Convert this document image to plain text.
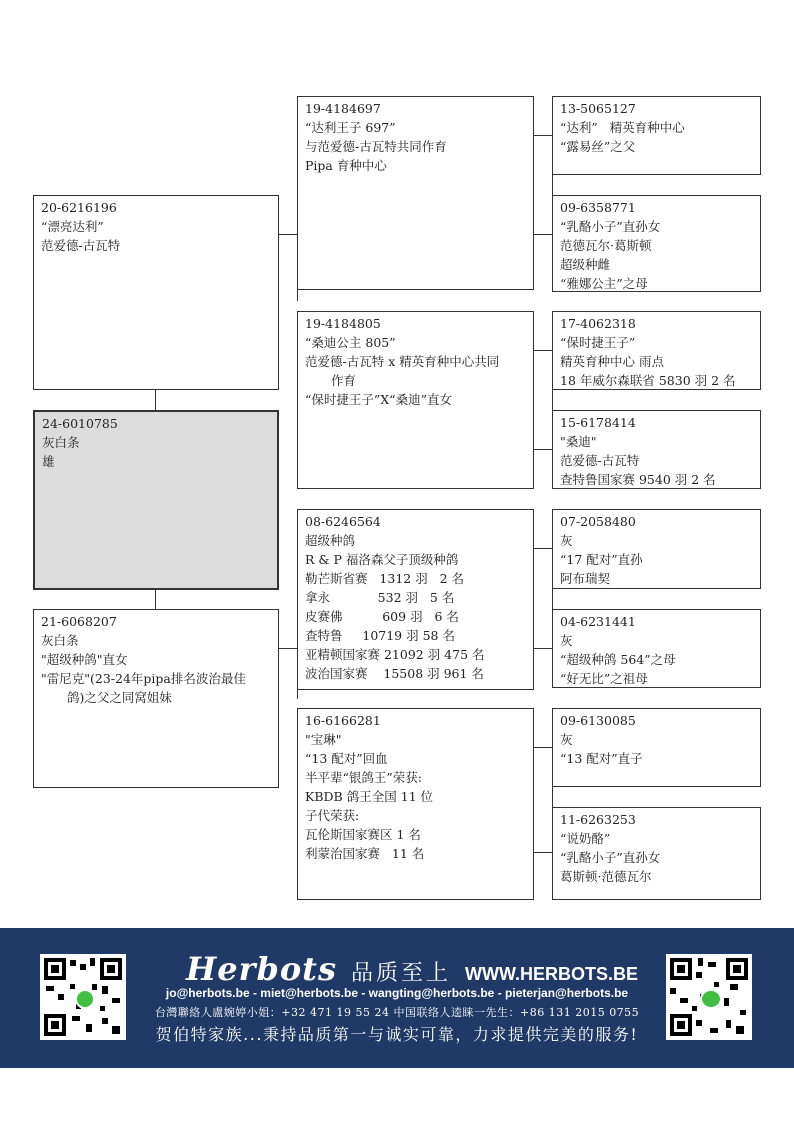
20-6216196
“漂亮达利”
范爱德-古瓦特
24-6010785
灰白条
雄
21-6068207
灰白条
"超级种鸽"直女
"雷尼克"(23-24年pipa排名波治最佳
鸽)之父之同窝姐妹
19-4184697
“达利王子 697”
与范爱德-古瓦特共同作育
Pipa 育种中心
19-4184805
“桑迪公主 805”
范爱德-古瓦特 x 精英育种中心共同
作育
“保时捷王子”X“桑迪”直女
08-6246564
超级种鸽
R & P 福洛森父子顶级种鸽
勒芒斯省赛   1312 羽   2 名
拿永            532 羽   5 名
皮赛佛          609 羽   6 名
查特鲁     10719 羽 58 名
亚精顿国家赛 21092 羽 475 名
波治国家赛    15508 羽 961 名
16-6166281
"宝琳"
“13 配对”回血
半平辈“银鸽王”荣获:
KBDB 鸽王全国 11 位
子代荣获:
瓦伦斯国家赛区 1 名
利蒙治国家赛   11 名
13-5065127
“达利”   精英育种中心
“露易丝”之父
09-6358771
“乳酪小子”直孙女
范德瓦尔·葛斯顿
超级种雌
“雅娜公主”之母
17-4062318
“保时捷王子”
精英育种中心 雨点
18 年威尔森联省 5830 羽 2 名
15-6178414
"桑迪"
范爱德-古瓦特
查特鲁国家赛 9540 羽 2 名
07-2058480
灰
“17 配对”直孙
阿布瑞契
04-6231441
灰
“超级种鸽 564”之母
“好无比”之祖母
09-6130085
灰
“13 配对”直子
11-6263253
“说奶酪”
“乳酪小子”直孙女
葛斯顿·范德瓦尔
Herbots 品质至上 WWW.HERBOTS.BE
jo@herbots.be - miet@herbots.be - wangting@herbots.be - pieterjan@herbots.be
台灣聯絡人盧婉婷小姐：+32 471 19 55 24 中国联络人逵睐一先生：+86 131 2015 0755
贺伯特家族...秉持品质第一与诚实可靠，力求提供完美的服务!
